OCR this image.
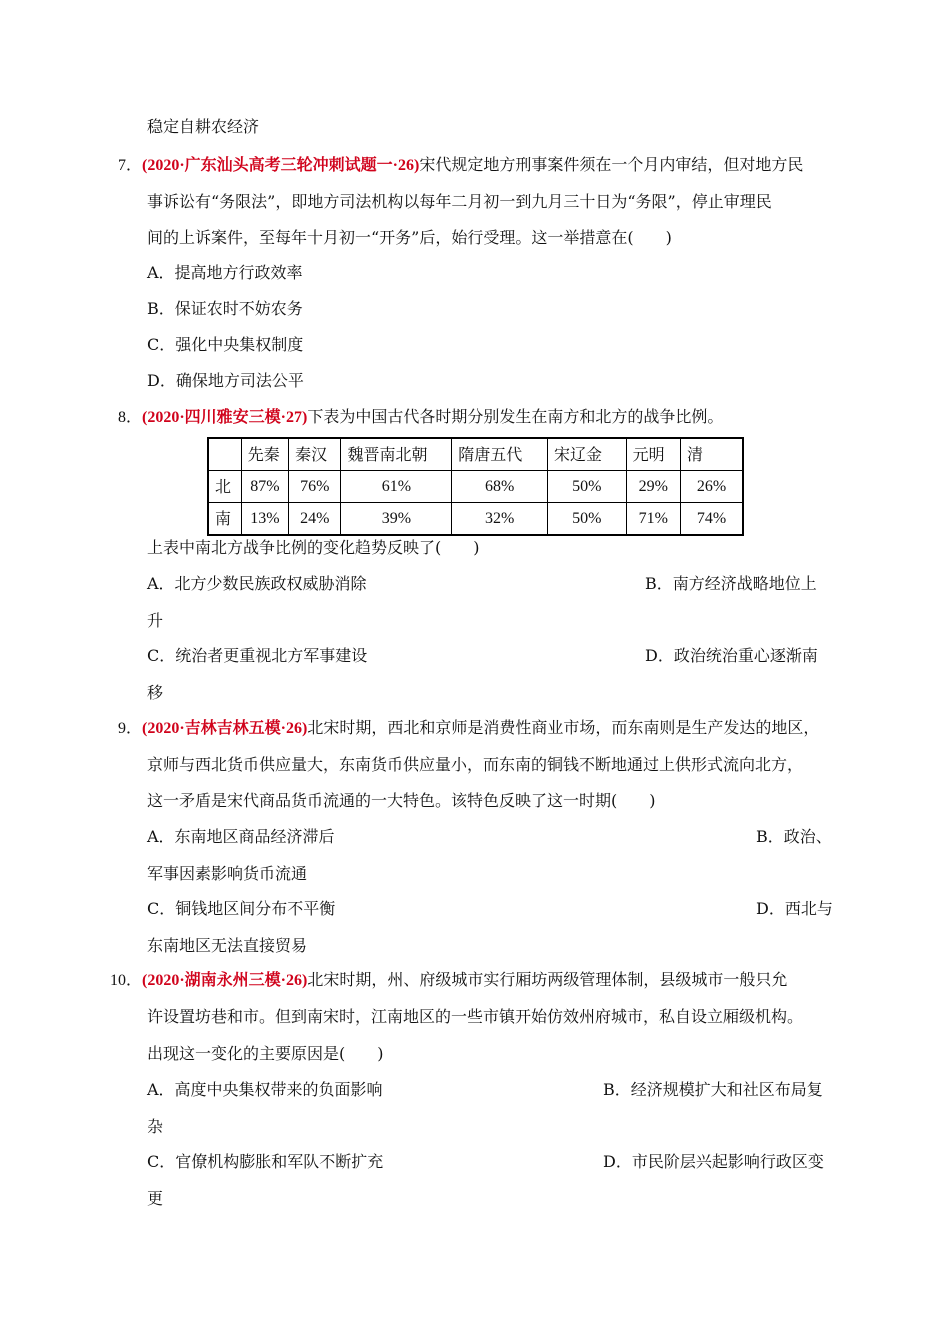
稳定自耕农经济
7．(2020·广东汕头高考三轮冲刺试题一·26)宋代规定地方刑事案件须在一个月内审结，但对地方民
事诉讼有“务限法”，即地方司法机构以每年二月初一到九月三十日为“务限”，停止审理民
间的上诉案件，至每年十月初一“开务”后，始行受理。这一举措意在(　　)
A．提高地方行政效率
B．保证农时不妨农务
C．强化中央集权制度
D．确保地方司法公平
8．(2020·四川雅安三模·27)下表为中国古代各时期分别发生在南方和北方的战争比例。
	先秦	秦汉	魏晋南北朝	隋唐五代	宋辽金	元明	清
北	87%	76%	61%	68%	50%	29%	26%
南	13%	24%	39%	32%	50%	71%	74%
上表中南北方战争比例的变化趋势反映了(　　)
A．北方少数民族政权威胁消除	B．南方经济战略地位上
升
C．统治者更重视北方军事建设	D．政治统治重心逐渐南
移
9．(2020·吉林吉林五模·26)北宋时期，西北和京师是消费性商业市场，而东南则是生产发达的地区，
京师与西北货币供应量大，东南货币供应量小，而东南的铜钱不断地通过上供形式流向北方，
这一矛盾是宋代商品货币流通的一大特色。该特色反映了这一时期(　　)
A．东南地区商品经济滞后	B．政治、
军事因素影响货币流通
C．铜钱地区间分布不平衡	D．西北与
东南地区无法直接贸易
10．(2020·湖南永州三模·26)北宋时期，州、府级城市实行厢坊两级管理体制，县级城市一般只允
许设置坊巷和市。但到南宋时，江南地区的一些市镇开始仿效州府城市，私自设立厢级机构。
出现这一变化的主要原因是(　　)
A．高度中央集权带来的负面影响	B．经济规模扩大和社区布局复
杂
C．官僚机构膨胀和军队不断扩充	D．市民阶层兴起影响行政区变
更
